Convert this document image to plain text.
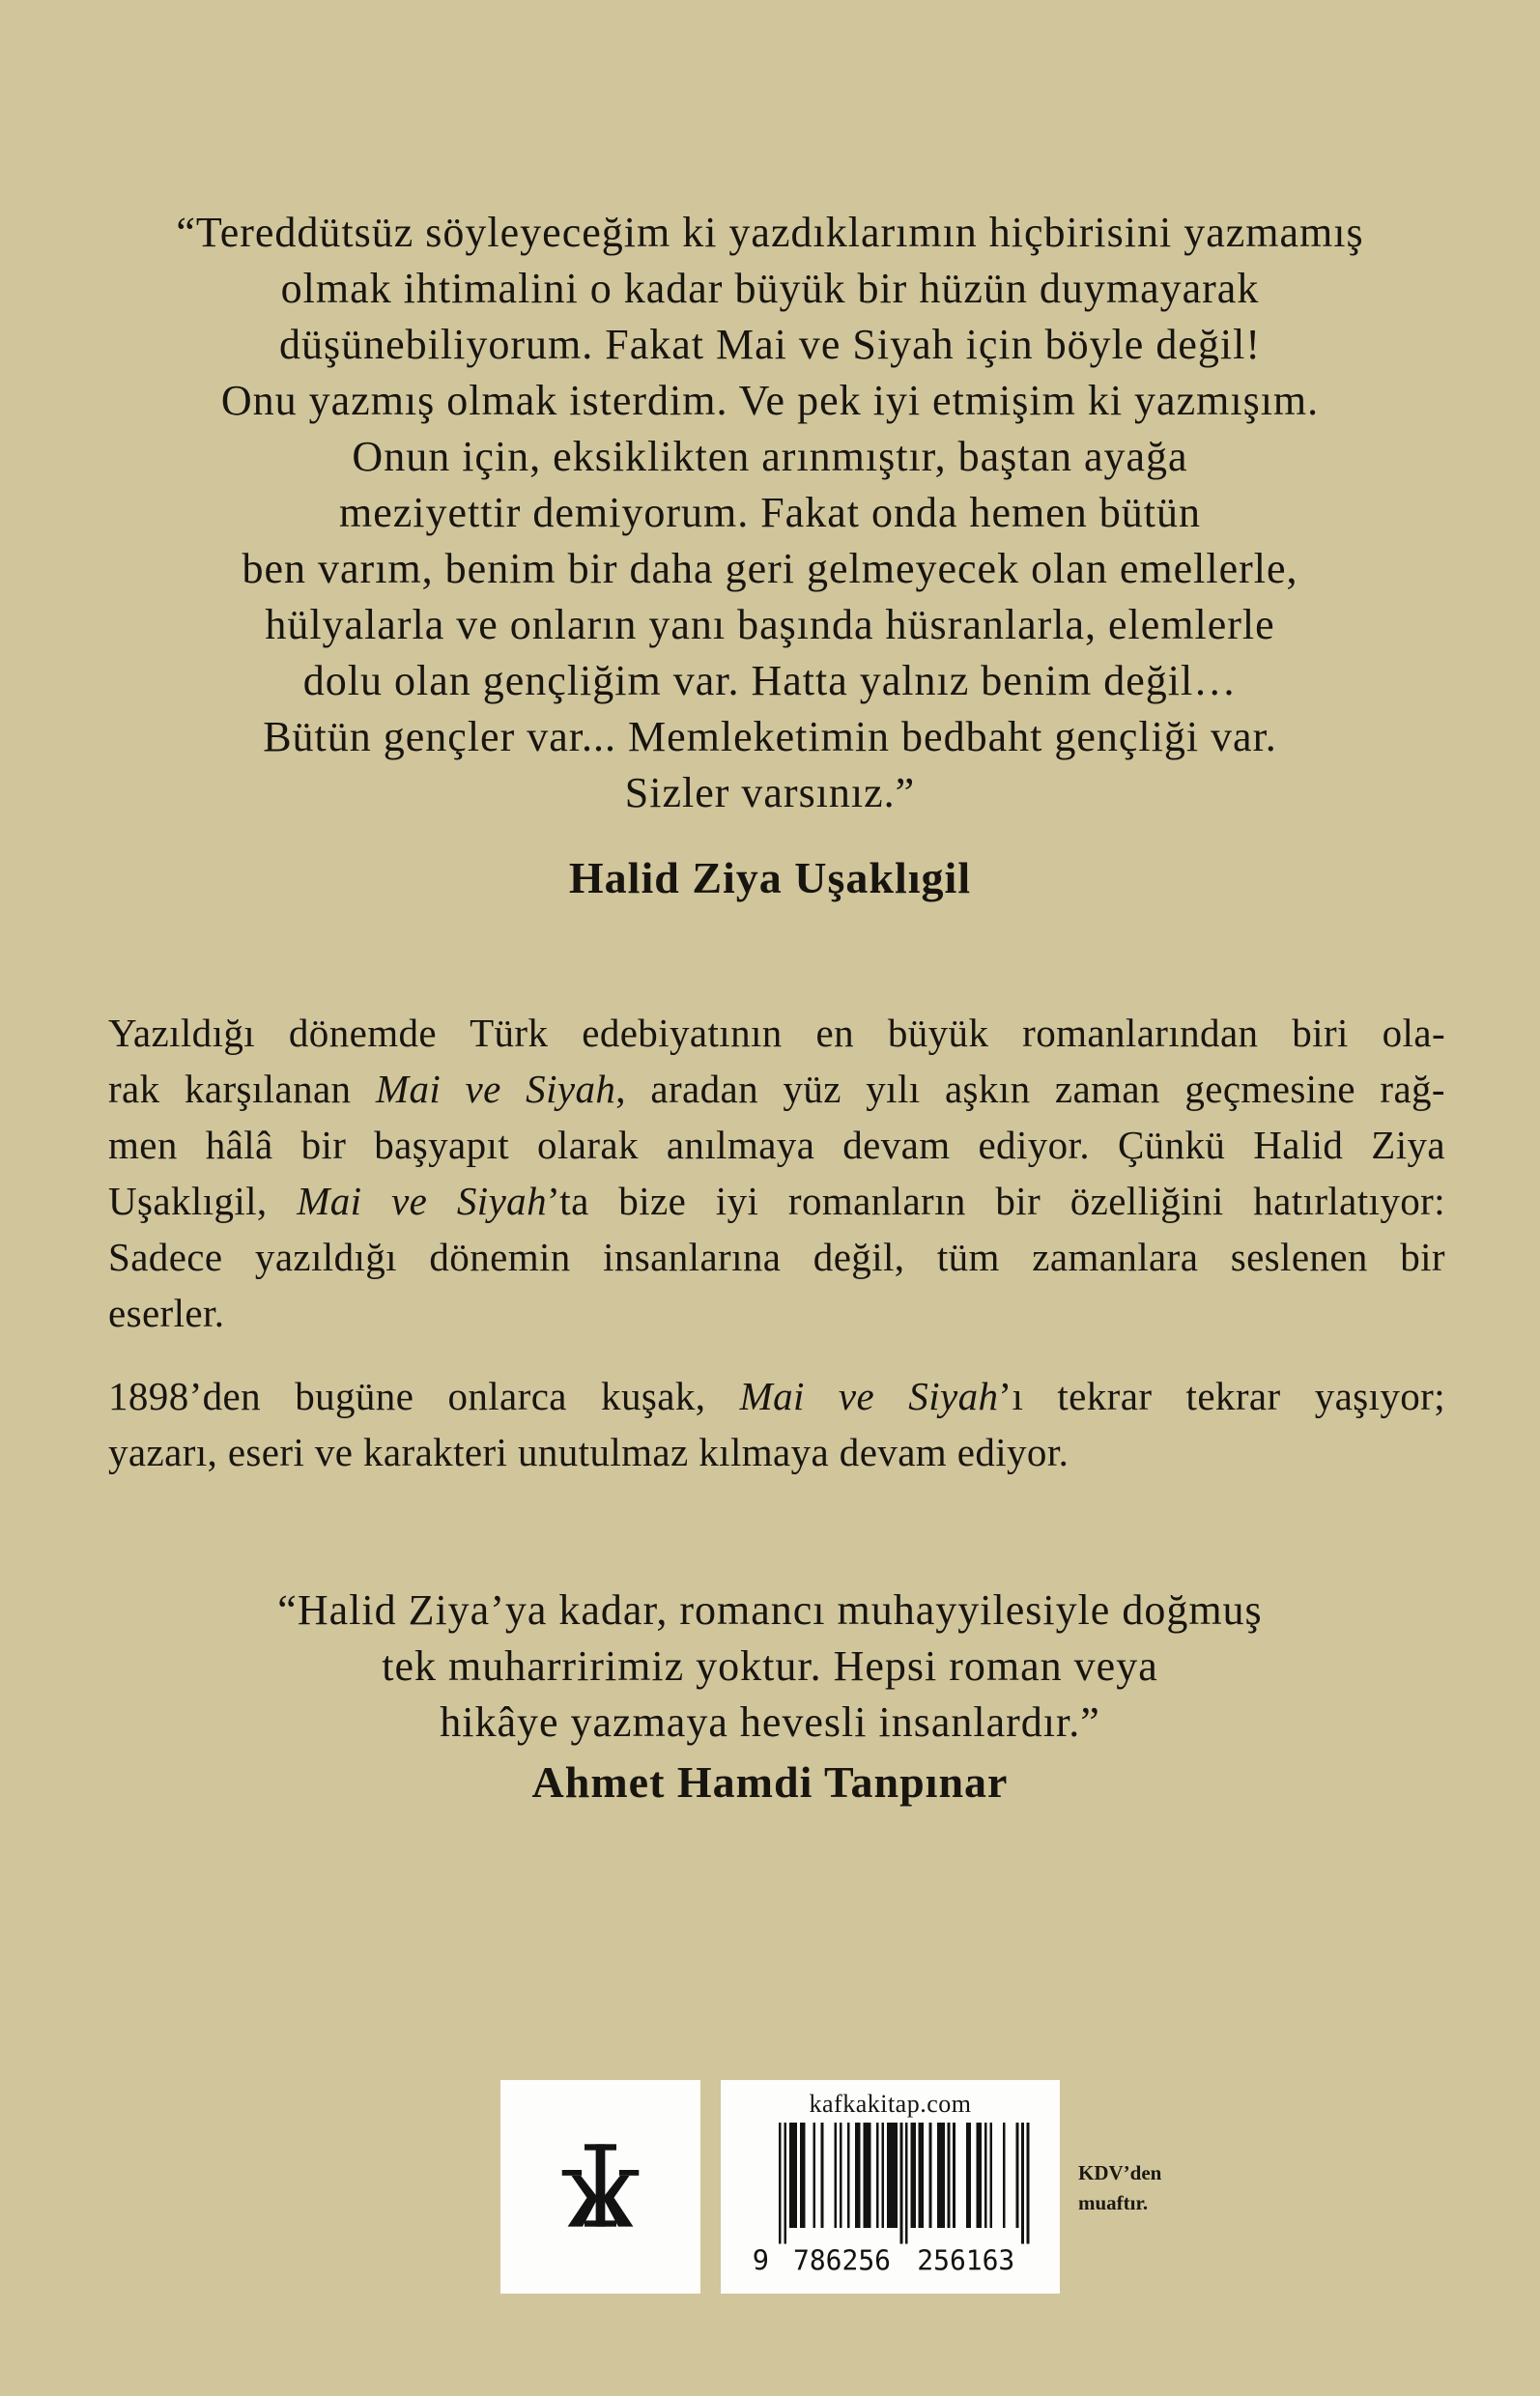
“Tereddütsüz söyleyeceğim ki yazdıklarımın hiçbirisini yazmamış
olmak ihtimalini o kadar büyük bir hüzün duymayarak
düşünebiliyorum. Fakat Mai ve Siyah için böyle değil!
Onu yazmış olmak isterdim. Ve pek iyi etmişim ki yazmışım.
Onun için, eksiklikten arınmıştır, baştan ayağa
meziyettir demiyorum. Fakat onda hemen bütün
ben varım, benim bir daha geri gelmeyecek olan emellerle,
hülyalarla ve onların yanı başında hüsranlarla, elemlerle
dolu olan gençliğim var. Hatta yalnız benim değil…
Bütün gençler var... Memleketimin bedbaht gençliği var.
Sizler varsınız.”
Halid Ziya Uşaklıgil
Yazıldığı dönemde Türk edebiyatının en büyük romanlarından biri ola-
rak karşılanan Mai ve Siyah, aradan yüz yılı aşkın zaman geçmesine rağ-
men hâlâ bir başyapıt olarak anılmaya devam ediyor. Çünkü Halid Ziya
Uşaklıgil, Mai ve Siyah’ta bize iyi romanların bir özelliğini hatırlatıyor:
Sadece yazıldığı dönemin insanlarına değil, tüm zamanlara seslenen bir
eserler.
1898’den bugüne onlarca kuşak, Mai ve Siyah’ı tekrar tekrar yaşıyor;
yazarı, eseri ve karakteri unutulmaz kılmaya devam ediyor.
“Halid Ziya’ya kadar, romancı muhayyilesiyle doğmuş
tek muharririmiz yoktur. Hepsi roman veya
hikâye yazmaya hevesli insanlardır.”
Ahmet Hamdi Tanpınar
kafkakitap.com
9 786256	256163
KDV’den
muaftır.
